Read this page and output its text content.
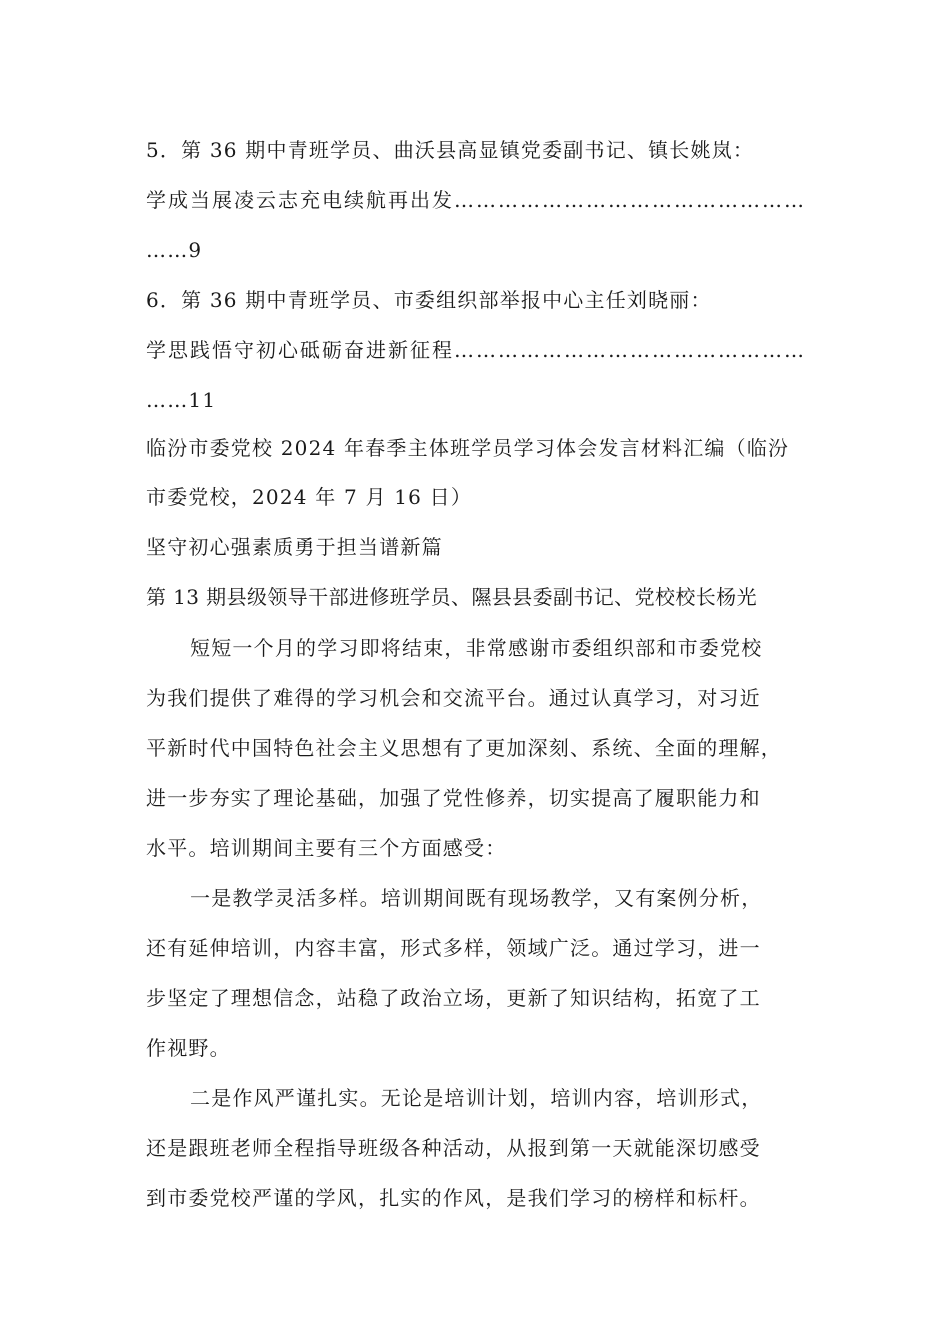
5．第 36 期中青班学员、曲沃县高显镇党委副书记、镇长姚岚：
学成当展凌云志充电续航再出发…………………………………………
……9
6．第 36 期中青班学员、市委组织部举报中心主任刘晓丽：
学思践悟守初心砥砺奋进新征程…………………………………………
……11
临汾市委党校 2024 年春季主体班学员学习体会发言材料汇编（临汾
市委党校，2024 年 7 月 16 日）
坚守初心强素质勇于担当谱新篇
第 13 期县级领导干部进修班学员、隰县县委副书记、党校校长杨光
短短一个月的学习即将结束，非常感谢市委组织部和市委党校
为我们提供了难得的学习机会和交流平台。通过认真学习，对习近
平新时代中国特色社会主义思想有了更加深刻、系统、全面的理解，
进一步夯实了理论基础，加强了党性修养，切实提高了履职能力和
水平。培训期间主要有三个方面感受：
一是教学灵活多样。培训期间既有现场教学，又有案例分析，
还有延伸培训，内容丰富，形式多样，领域广泛。通过学习，进一
步坚定了理想信念，站稳了政治立场，更新了知识结构，拓宽了工
作视野。
二是作风严谨扎实。无论是培训计划，培训内容，培训形式，
还是跟班老师全程指导班级各种活动，从报到第一天就能深切感受
到市委党校严谨的学风，扎实的作风，是我们学习的榜样和标杆。
